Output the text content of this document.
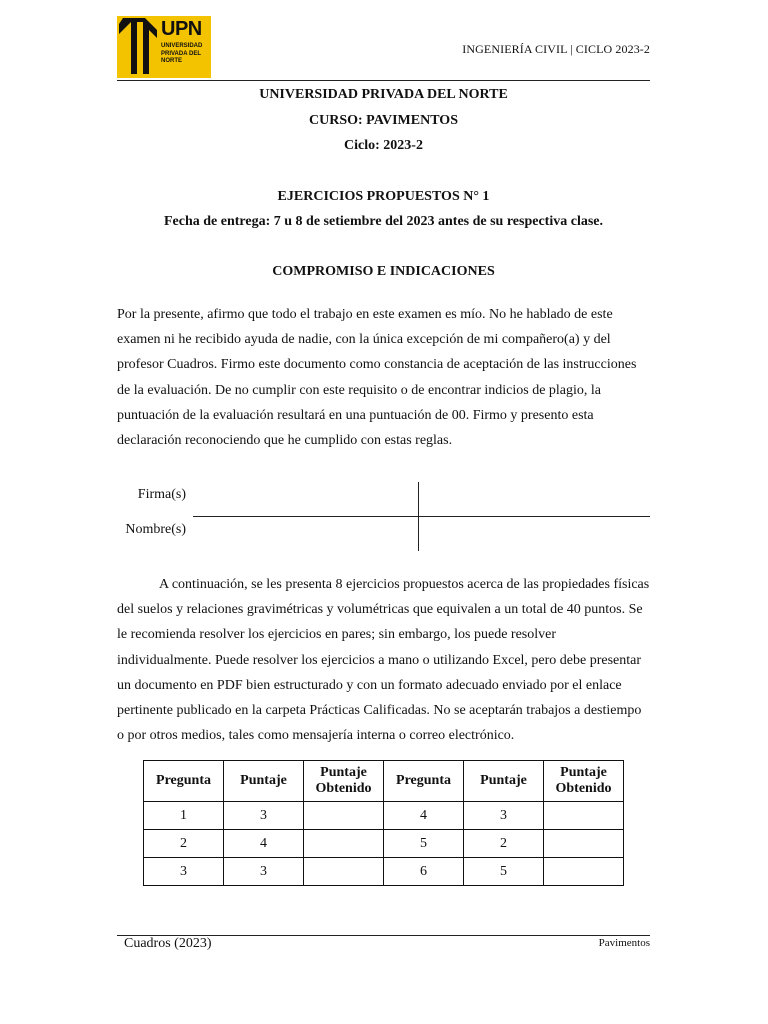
UPN
UNIVERSIDAD PRIVADA DEL NORTE
INGENIERÍA CIVIL | CICLO 2023-2
UNIVERSIDAD PRIVADA DEL NORTE
CURSO: PAVIMENTOS
Ciclo: 2023-2
EJERCICIOS PROPUESTOS N° 1
Fecha de entrega: 7 u 8 de setiembre del 2023 antes de su respectiva clase.
COMPROMISO E INDICACIONES
Por la presente, afirmo que todo el trabajo en este examen es mío. No he hablado de este examen ni he recibido ayuda de nadie, con la única excepción de mi compañero(a) y del profesor Cuadros. Firmo este documento como constancia de aceptación de las instrucciones de la evaluación. De no cumplir con este requisito o de encontrar indicios de plagio, la puntuación de la evaluación resultará en una puntuación de 00. Firmo y presento esta declaración reconociendo que he cumplido con estas reglas.
Firma(s)
Nombre(s)
A continuación, se les presenta 8 ejercicios propuestos acerca de las propiedades físicas del suelos y relaciones gravimétricas y volumétricas que equivalen a un total de 40 puntos. Se le recomienda resolver los ejercicios en pares; sin embargo, los puede resolver individualmente. Puede resolver los ejercicios a mano o utilizando Excel, pero debe presentar un documento en PDF bien estructurado y con un formato adecuado enviado por el enlace pertinente publicado en la carpeta Prácticas Calificadas. No se aceptarán trabajos a destiempo o por otros medios, tales como mensajería interna o correo electrónico.
Pregunta	Puntaje	Puntaje Obtenido	Pregunta	Puntaje	Puntaje Obtenido
1	3		4	3	
2	4		5	2	
3	3		6	5	
Cuadros (2023)	Pavimentos
